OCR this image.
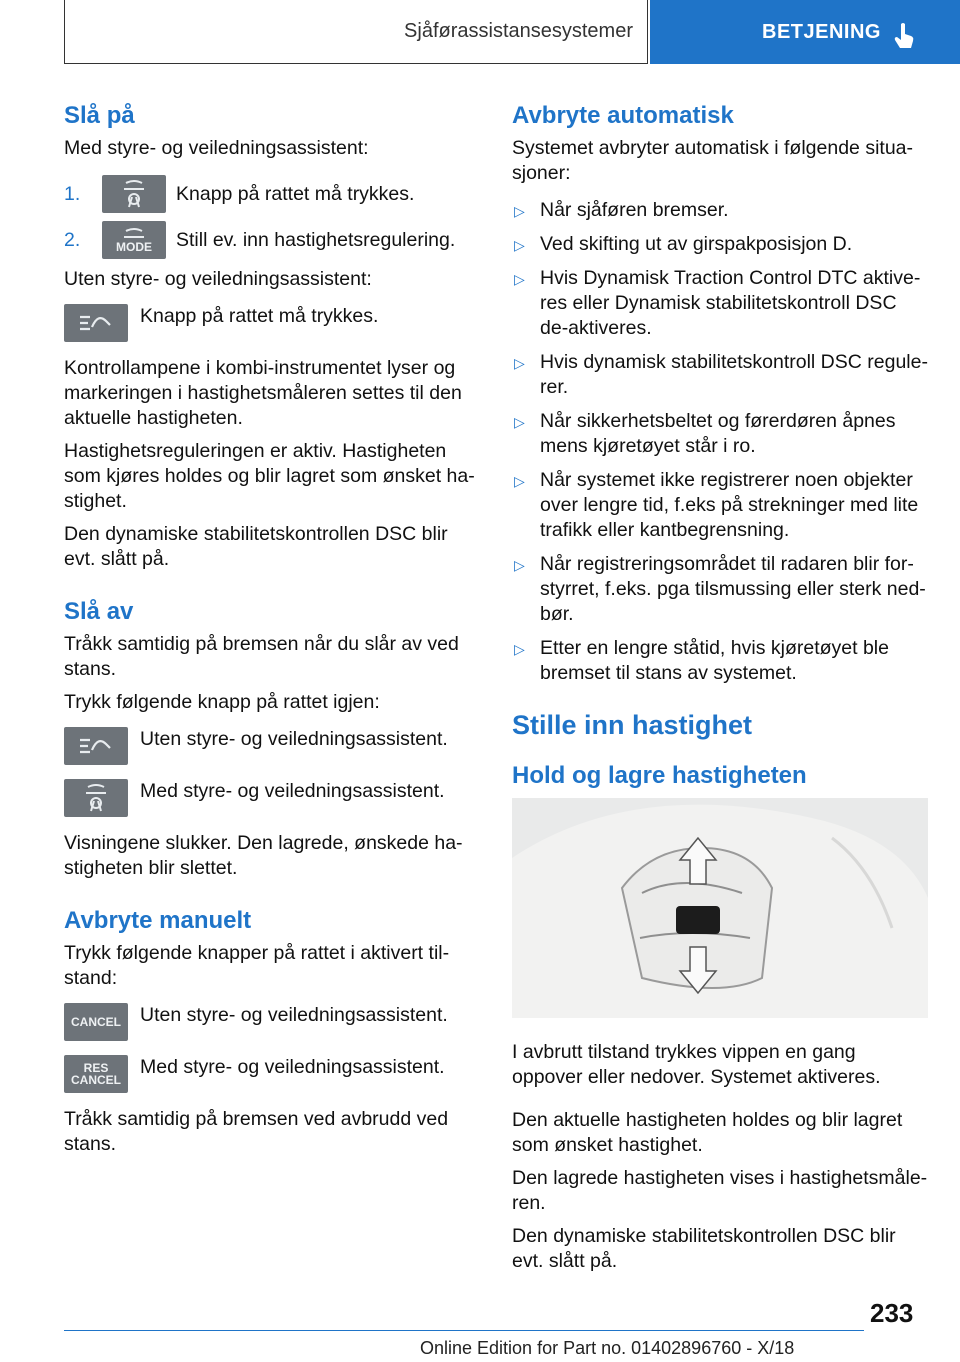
Sjåførassistansesystemer	BETJENING
Slå på

Med styre- og veiledningsassistent:

1.	Knapp på rattet må trykkes.
2.	MODE	Still ev. inn hastighetsregulering.

Uten styre- og veiledningsassistent:

Knapp på rattet må trykkes.

Kontrollampene i kombi-instrumentet lyser og markeringen i hastighetsmåleren settes til den aktuelle hastigheten.

Hastighetsreguleringen er aktiv. Hastigheten som kjøres holdes og blir lagret som ønsket ha-stighet.

Den dynamiske stabilitetskontrollen DSC blir evt. slått på.

Slå av

Tråkk samtidig på bremsen når du slår av ved stans.

Trykk følgende knapp på rattet igjen:

Uten styre- og veiledningsassistent.
Med styre- og veiledningsassistent.

Visningene slukker. Den lagrede, ønskede ha-stigheten blir slettet.

Avbryte manuelt

Trykk følgende knapper på rattet i aktivert til-stand:

CANCEL Uten styre- og veiledningsassistent.
RES
CANCEL
Med styre- og veiledningsassistent.

Tråkk samtidig på bremsen ved avbrudd ved stans.

Avbryte automatisk

Systemet avbryter automatisk i følgende situa-sjoner:

▷ Når sjåføren bremser.
▷ Ved skifting ut av girspakposisjon D.
▷ Hvis Dynamisk Traction Control DTC aktive-res eller Dynamisk stabilitetskontroll DSC de-aktiveres.
▷ Hvis dynamisk stabilitetskontroll DSC regule-rer.
▷ Når sikkerhetsbeltet og førerdøren åpnes mens kjøretøyet står i ro.
▷ Når systemet ikke registrerer noen objekter over lengre tid, f.eks på strekninger med lite trafikk eller kantbegrensning.
▷ Når registreringsområdet til radaren blir for-styrret, f.eks. pga tilsmussing eller sterk ned-bør.
▷ Etter en lengre ståtid, hvis kjøretøyet ble bremset til stans av systemet.
Stille inn hastighet
Hold og lagre hastigheten

I avbrutt tilstand trykkes vippen en gang oppover eller nedover. Systemet aktiveres.

Den aktuelle hastigheten holdes og blir lagret som ønsket hastighet.

Den lagrede hastigheten vises i hastighetsmåle-ren.

Den dynamiske stabilitetskontrollen DSC blir evt. slått på.

233
Online Edition for Part no. 01402896760 - X/18
